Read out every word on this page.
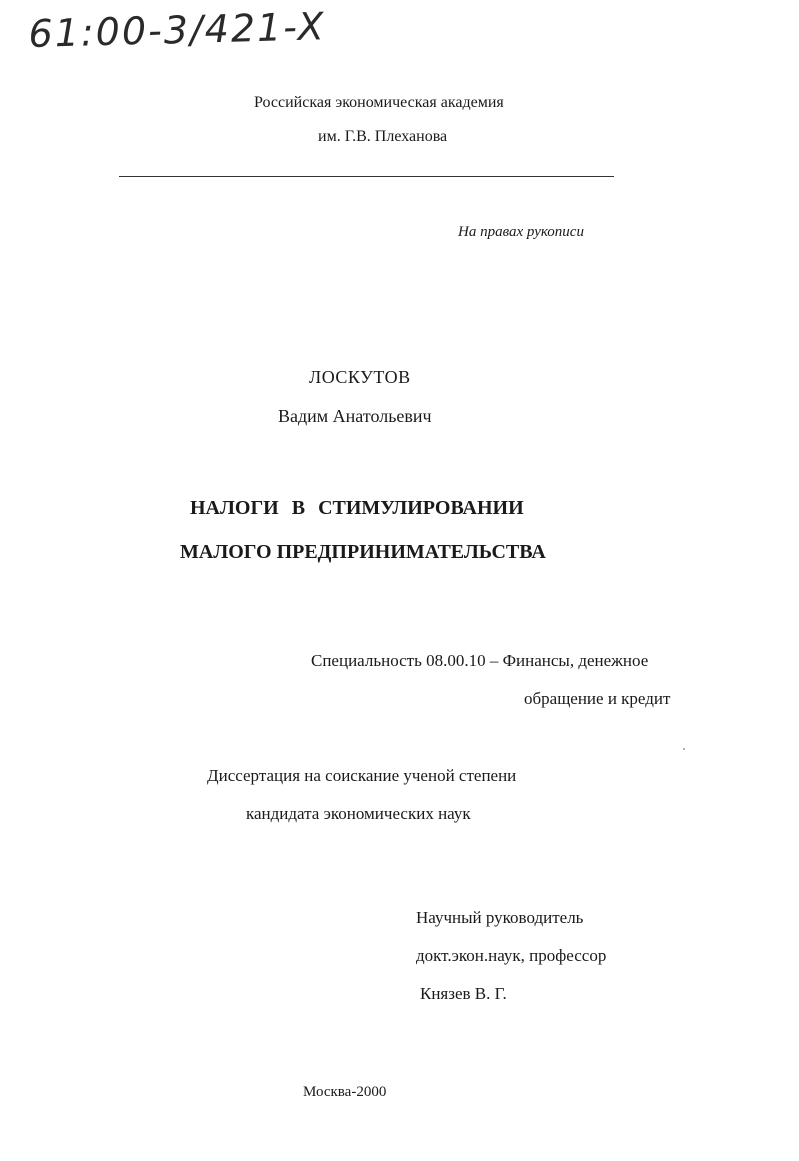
61:00-3/421-X
Российская экономическая академия
им. Г.В. Плеханова
На правах рукописи
ЛОСКУТОВ
Вадим Анатольевич
НАЛОГИ В СТИМУЛИРОВАНИИ
МАЛОГО ПРЕДПРИНИМАТЕЛЬСТВА
Специальность 08.00.10 – Финансы, денежное
обращение и кредит
Диссертация на соискание ученой степени
кандидата экономических наук
Научный руководитель
докт.экон.наук, профессор
Князев В. Г.
Москва-2000
